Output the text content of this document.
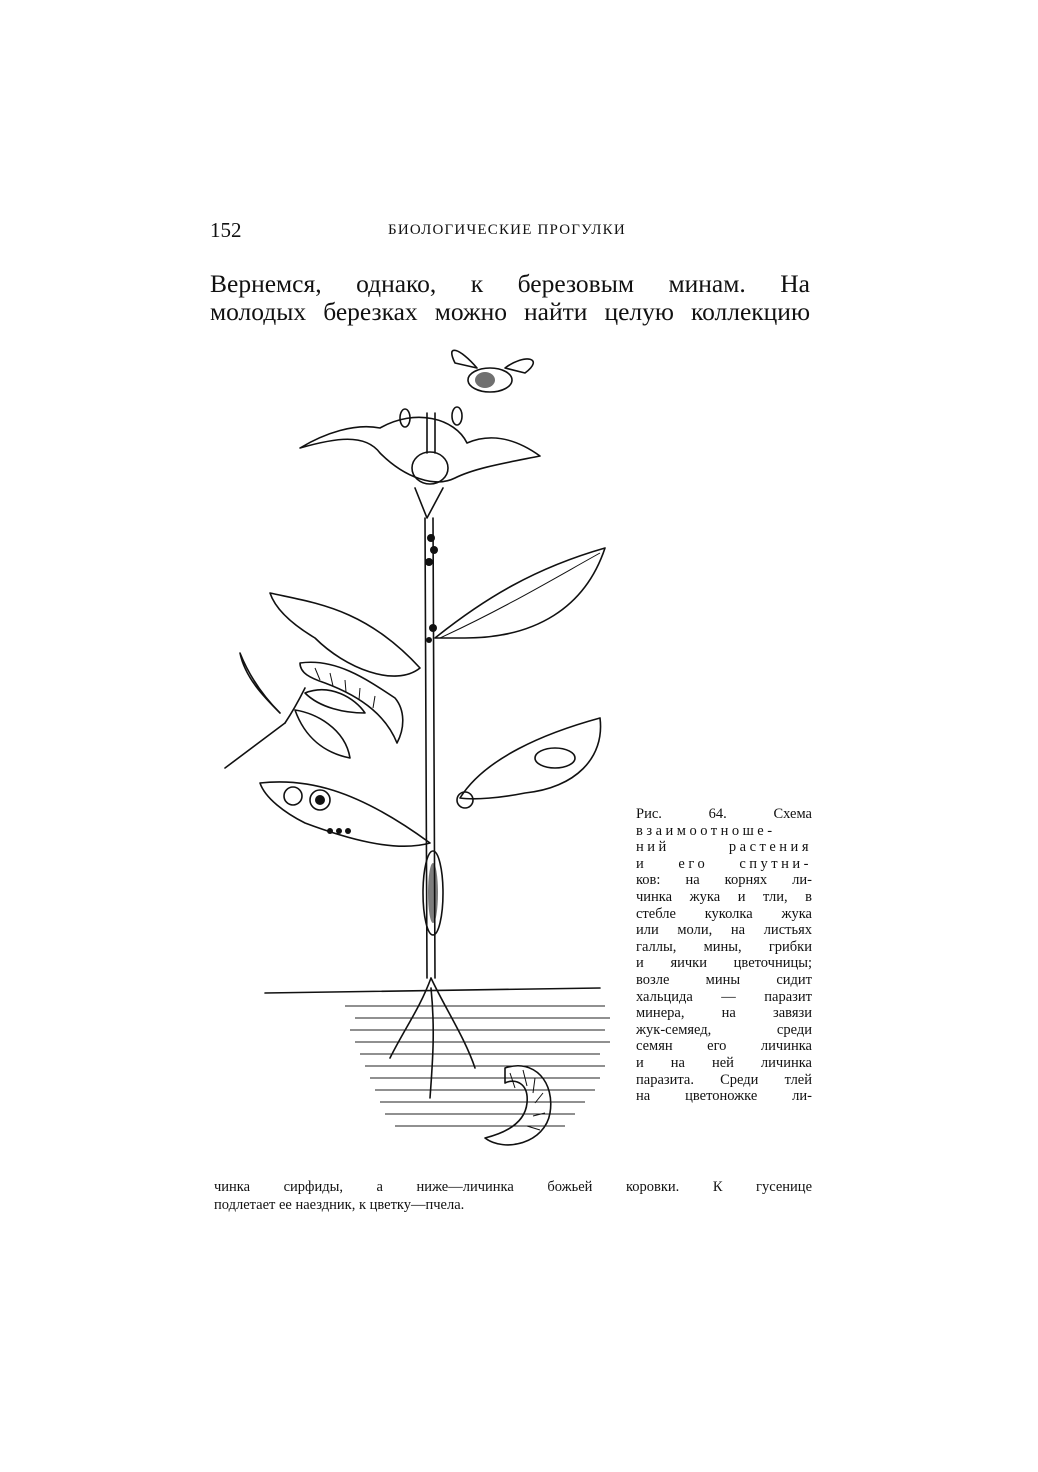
152	БИОЛОГИЧЕСКИЕ ПРОГУЛКИ
Вернемся, однако, к березовым минам. На
молодых березках можно найти целую коллекцию
Рис. 64. Схема
взаимоотноше-
ний растения
и его спутни-
ков: на корнях ли-
чинка жука и тли, в
стебле куколка жука
или моли, на листьях
галлы, мины, грибки
и яички цветочницы;
возле мины сидит
хальцида — паразит
минера, на завязи
жук-семяед, среди
семян его личинка
и на ней личинка
паразита. Среди тлей
на цветоножке ли-
чинка сирфиды, а ниже—личинка божьей коровки. К гусенице
подлетает ее наездник, к цветку—пчела.
